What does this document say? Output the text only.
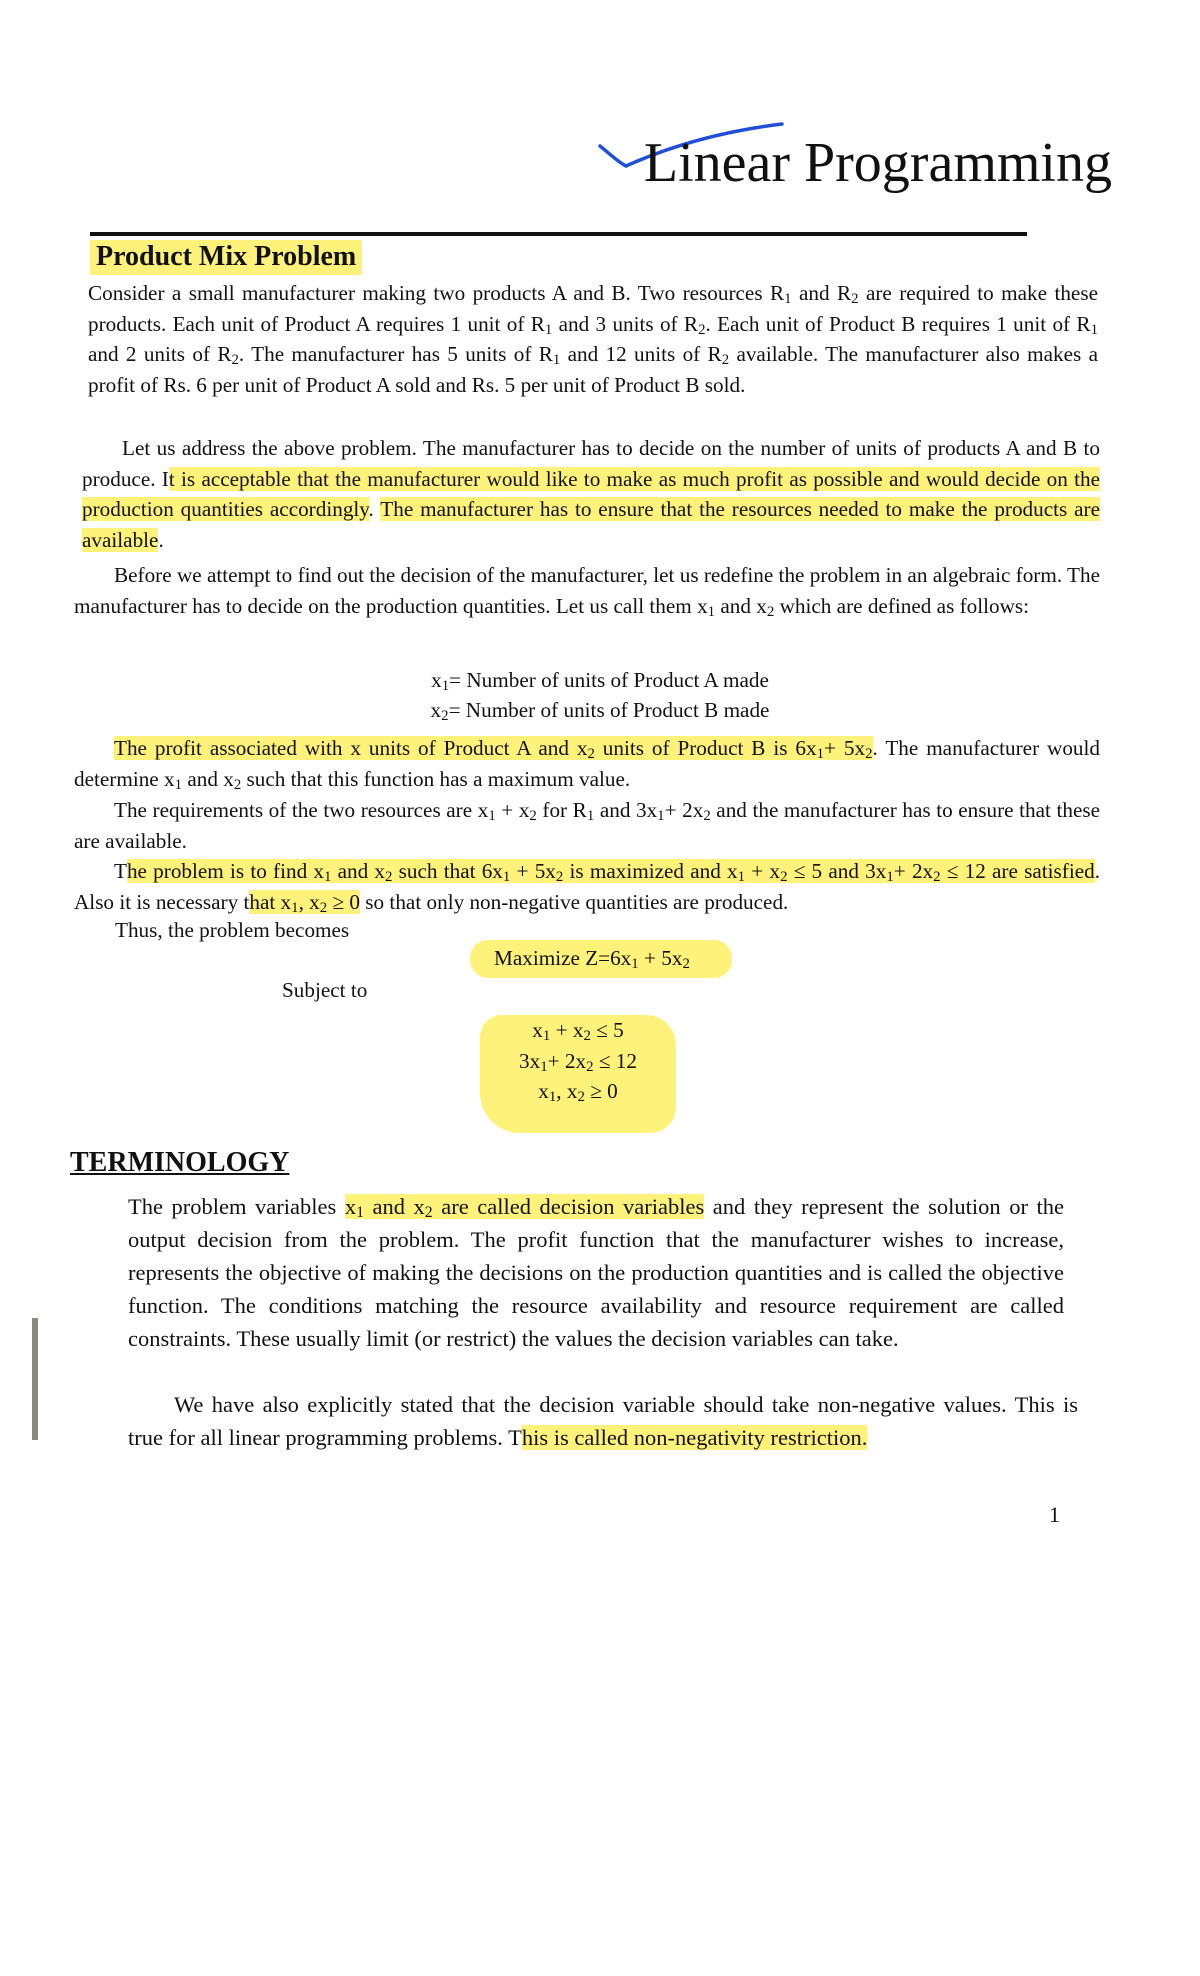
Linear Programming
Product Mix Problem
Consider a small manufacturer making two products A and B. Two resources $R_1$ and $R_2$ are required to make these products. Each unit of Product A requires 1 unit of $R_1$ and 3 units of $R_2$. Each unit of Product B requires 1 unit of $R_1$ and 2 units of $R_2$. The manufacturer has 5 units of $R_1$ and 12 units of $R_2$ available. The manufacturer also makes a profit of Rs. 6 per unit of Product A sold and Rs. 5 per unit of Product B sold.
Let us address the above problem. The manufacturer has to decide on the number of units of products A and B to produce. It is acceptable that the manufacturer would like to make as much profit as possible and would decide on the production quantities accordingly. The manufacturer has to ensure that the resources needed to make the products are available.
Before we attempt to find out the decision of the manufacturer, let us redefine the problem in an algebraic form. The manufacturer has to decide on the production quantities. Let us call them $x_1$ and $x_2$ which are defined as follows:
$x_1=$ Number of units of Product A made
$x_2=$ Number of units of Product B made
The profit associated with x units of Product A and $x_2$ units of Product B is $6x_1+ 5x_2$. The manufacturer would determine $x_1$ and $x_2$ such that this function has a maximum value.
The requirements of the two resources are $x_1 + x_2$ for $R_1$ and $3x_1+ 2x_2$ and the manufacturer has to ensure that these are available.
The problem is to find $x_1$ and $x_2$ such that $6x_1 + 5x_2$ is maximized and $x_1 + x_2 \le 5$ and $3x_1+ 2x_2 \le 12$ are satisfied. Also it is necessary that $x_1$, $x_2 \ge 0$ so that only non-negative quantities are produced.
Thus, the problem becomes
Maximize $Z=6x_1 + 5x_2$
Subject to
$x_1 + x_2 \le 5$
$3x_1+ 2x_2 \le 12$
$x_1$, $x_2 \ge 0$
TERMINOLOGY
The problem variables $x_1$ and $x_2$ are called decision variables and they represent the solution or the output decision from the problem. The profit function that the manufacturer wishes to increase, represents the objective of making the decisions on the production quantities and is called the objective function. The conditions matching the resource availability and resource requirement are called constraints. These usually limit (or restrict) the values the decision variables can take.
We have also explicitly stated that the decision variable should take non-negative values. This is true for all linear programming problems. This is called non-negativity restriction.
1
